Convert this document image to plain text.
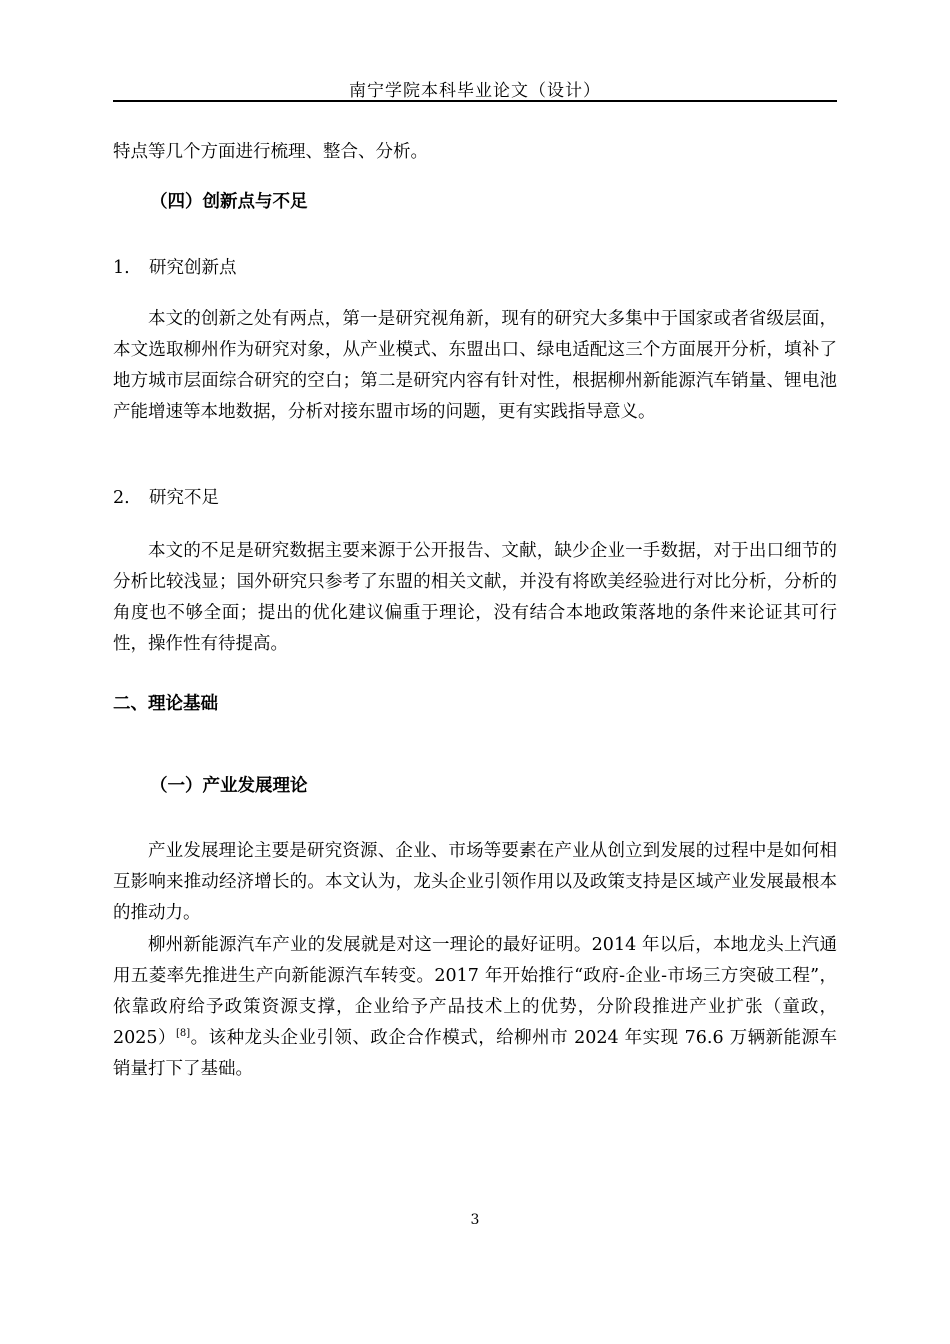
南宁学院本科毕业论文（设计）
特点等几个方面进行梳理、整合、分析。
（四）创新点与不足
1. 研究创新点

本文的创新之处有两点，第一是研究视角新，现有的研究大多集中于国家或者省级层面，本文选取柳州作为研究对象，从产业模式、东盟出口、绿电适配这三个方面展开分析，填补了地方城市层面综合研究的空白；第二是研究内容有针对性，根据柳州新能源汽车销量、锂电池产能增速等本地数据，分析对接东盟市场的问题，更有实践指导意义。

2. 研究不足

本文的不足是研究数据主要来源于公开报告、文献，缺少企业一手数据，对于出口细节的分析比较浅显；国外研究只参考了东盟的相关文献，并没有将欧美经验进行对比分析，分析的角度也不够全面；提出的优化建议偏重于理论，没有结合本地政策落地的条件来论证其可行性，操作性有待提高。

二、理论基础
（一）产业发展理论

产业发展理论主要是研究资源、企业、市场等要素在产业从创立到发展的过程中是如何相互影响来推动经济增长的。本文认为，龙头企业引领作用以及政策支持是区域产业发展最根本的推动力。

柳州新能源汽车产业的发展就是对这一理论的最好证明。2014 年以后，本地龙头上汽通用五菱率先推进生产向新能源汽车转变。2017 年开始推行“政府-企业-市场三方突破工程”，依靠政府给予政策资源支撑，企业给予产品技术上的优势，分阶段推进产业扩张（童政，2025）[8]。该种龙头企业引领、政企合作模式，给柳州市 2024 年实现 76.6 万辆新能源车销量打下了基础。

3
